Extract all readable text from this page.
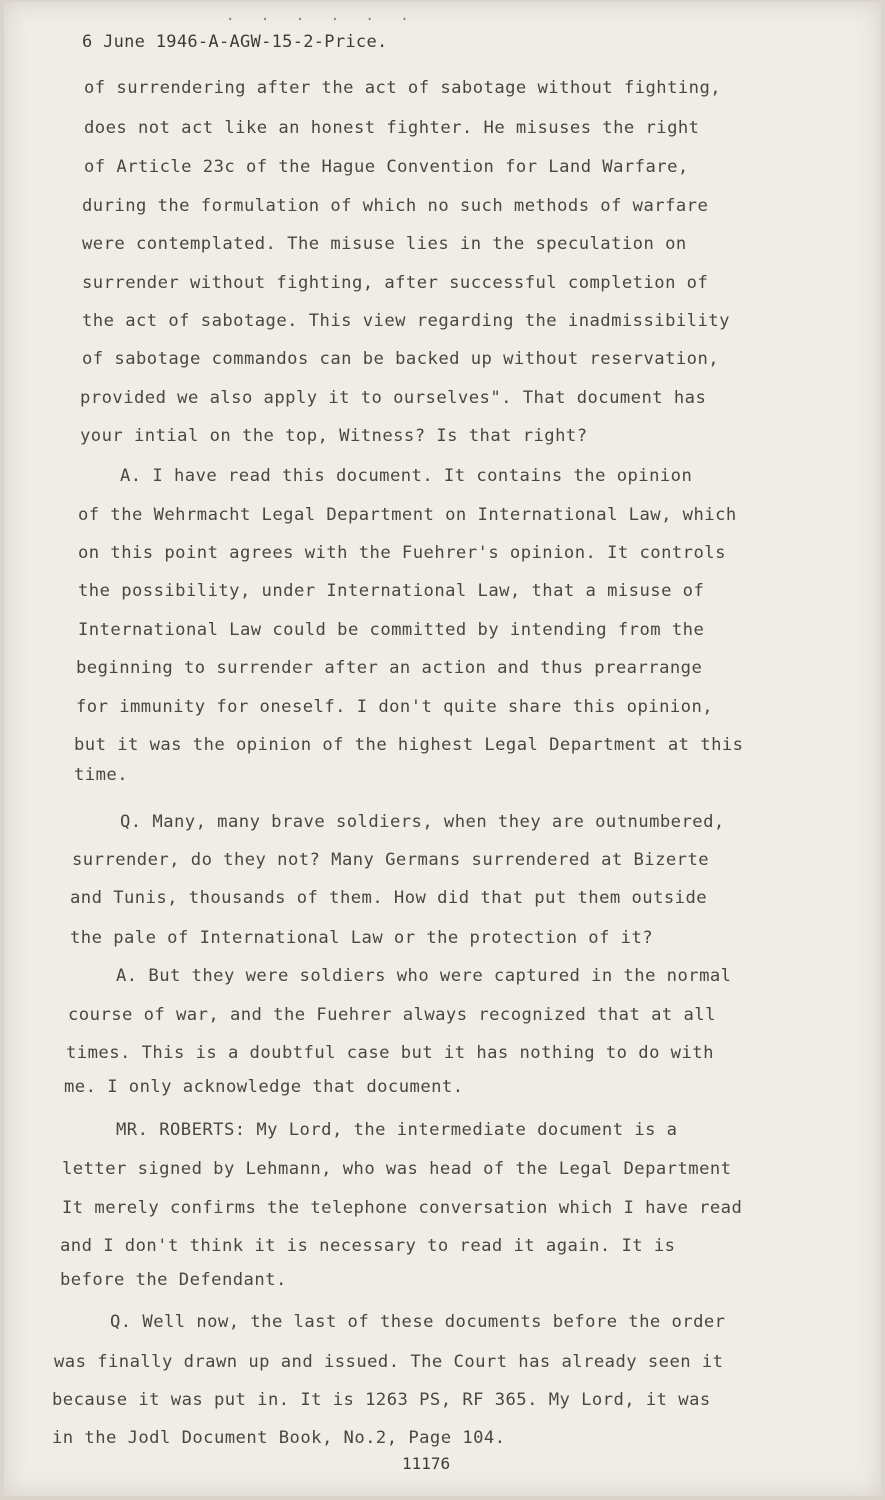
. . . . . .
6 June 1946-A-AGW-15-2-Price.
of surrendering after the act of sabotage without fighting,
does not act like an honest fighter. He misuses the right
of Article 23c of the Hague Convention for Land Warfare,
during the formulation of which no such methods of warfare
were contemplated. The misuse lies in the speculation on
surrender without fighting, after successful completion of
the act of sabotage. This view regarding the inadmissibility
of sabotage commandos can be backed up without reservation,
provided we also apply it to ourselves". That document has
your intial on the top, Witness? Is that right?
A. I have read this document. It contains the opinion
of the Wehrmacht Legal Department on International Law, which
on this point agrees with the Fuehrer's opinion. It controls
the possibility, under International Law, that a misuse of
International Law could be committed by intending from the
beginning to surrender after an action and thus prearrange
for immunity for oneself. I don't quite share this opinion,
but it was the opinion of the highest Legal Department at this
time.
Q. Many, many brave soldiers, when they are outnumbered,
surrender, do they not? Many Germans surrendered at Bizerte
and Tunis, thousands of them. How did that put them outside
the pale of International Law or the protection of it?
A. But they were soldiers who were captured in the normal
course of war, and the Fuehrer always recognized that at all
times. This is a doubtful case but it has nothing to do with
me. I only acknowledge that document.
MR. ROBERTS: My Lord, the intermediate document is a
letter signed by Lehmann, who was head of the Legal Department
It merely confirms the telephone conversation which I have read
and I don't think it is necessary to read it again. It is
before the Defendant.
Q. Well now, the last of these documents before the order
was finally drawn up and issued. The Court has already seen it
because it was put in. It is 1263 PS, RF 365. My Lord, it was
in the Jodl Document Book, No.2, Page 104.
11176
